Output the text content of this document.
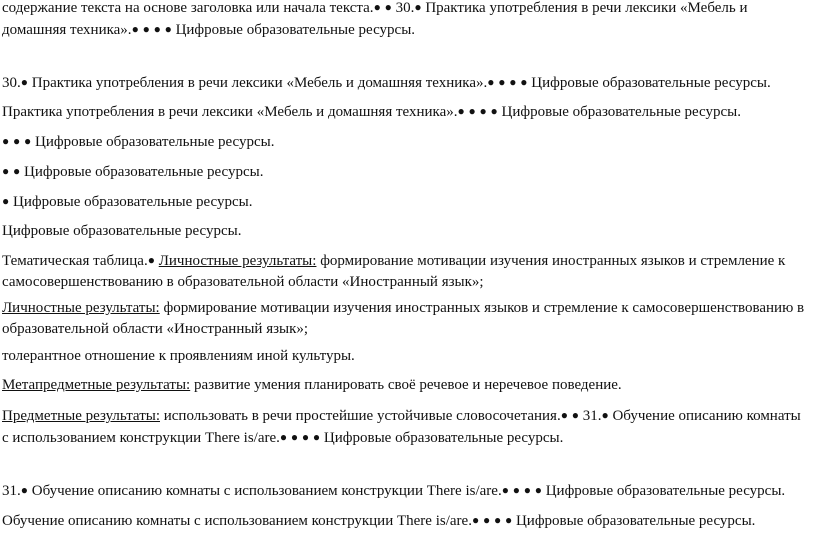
содержание текста на основе заголовка или начала текста.● ● 30.● Практика употребления в речи лексики «Мебель и домашняя техника».● ● ● ● Цифровые образовательные ресурсы.

30.● Практика употребления в речи лексики «Мебель и домашняя техника».● ● ● ● Цифровые образовательные ресурсы.

Практика употребления в речи лексики «Мебель и домашняя техника».● ● ● ● Цифровые образовательные ресурсы.

● ● ● Цифровые образовательные ресурсы.

● ● Цифровые образовательные ресурсы.

● Цифровые образовательные ресурсы.

Цифровые образовательные ресурсы.

Тематическая таблица.● Личностные результаты: формирование мотивации изучения иностранных языков и стремление к самосовершенствованию в образовательной области «Иностранный язык»;

Личностные результаты: формирование мотивации изучения иностранных языков и стремление к самосовершенствованию в образовательной области «Иностранный язык»;

толерантное отношение к проявлениям иной культуры.

Метапредметные результаты: развитие умения планировать своё речевое и неречевое поведение.

Предметные результаты: использовать в речи простейшие устойчивые словосочетания.● ● 31.● Обучение описанию комнаты с использованием конструкции There is/are.● ● ● ● Цифровые образовательные ресурсы.

31.● Обучение описанию комнаты с использованием конструкции There is/are.● ● ● ● Цифровые образовательные ресурсы.

Обучение описанию комнаты с использованием конструкции There is/are.● ● ● ● Цифровые образовательные ресурсы.
